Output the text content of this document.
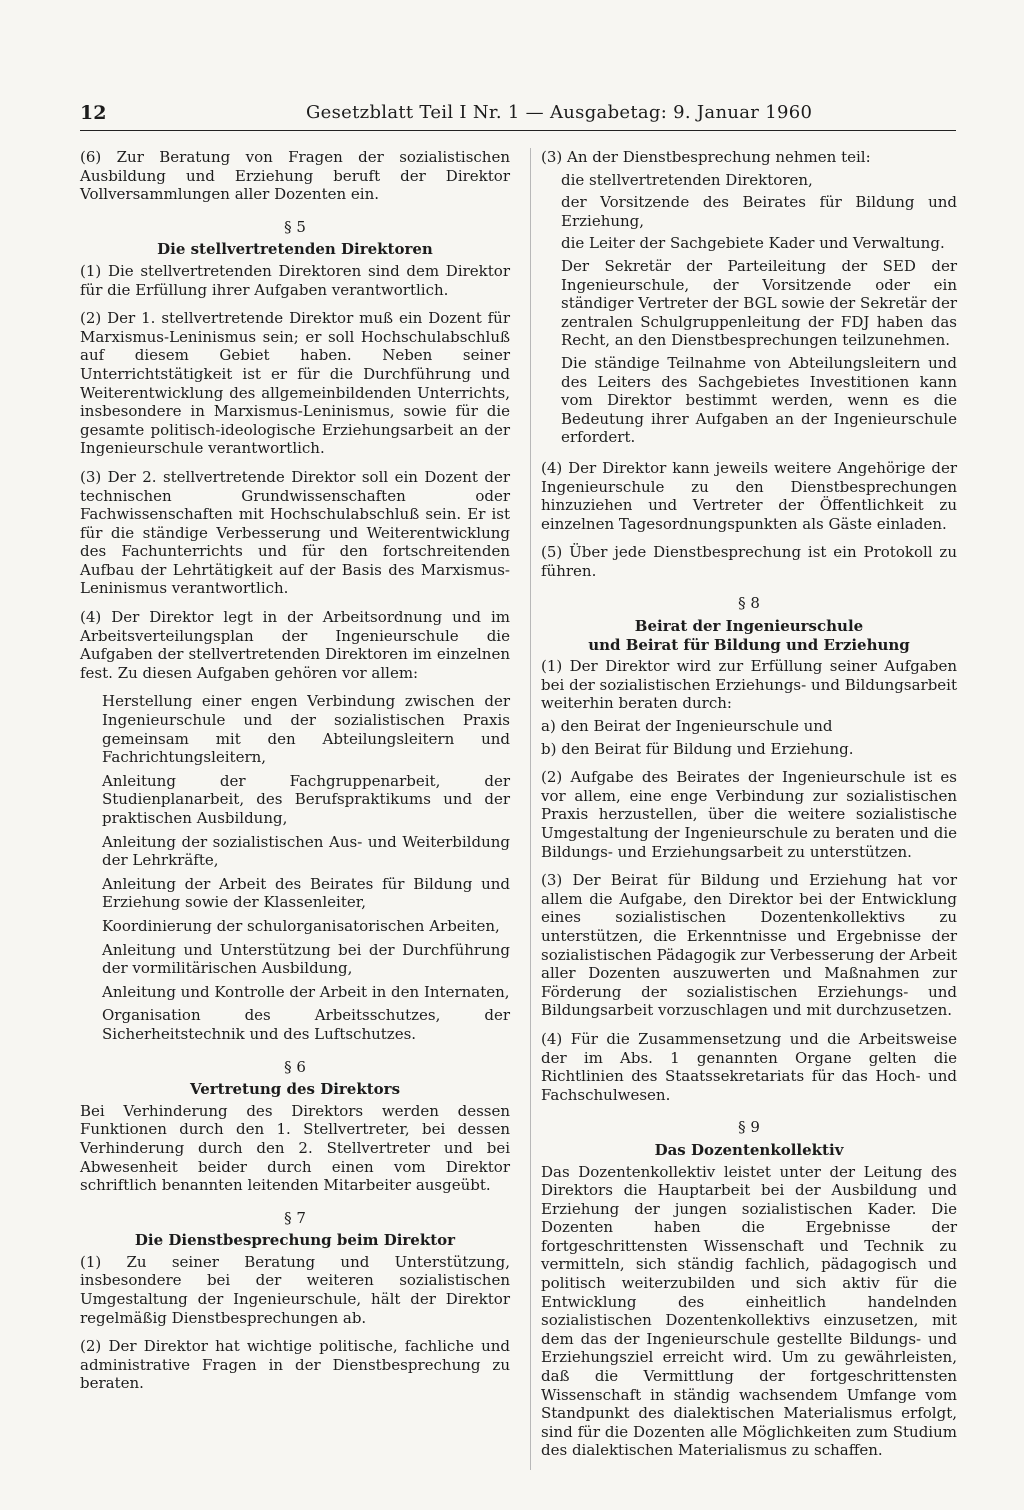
12	Gesetzblatt Teil I Nr. 1 — Ausgabetag: 9. Januar 1960

(6) Zur Beratung von Fragen der sozialistischen Ausbildung und Erziehung beruft der Direktor Vollversammlungen aller Dozenten ein.

§ 5
Die stellvertretenden Direktoren

(1) Die stellvertretenden Direktoren sind dem Direktor für die Erfüllung ihrer Aufgaben verantwortlich.

(2) Der 1. stellvertretende Direktor muß ein Dozent für Marxismus-Leninismus sein; er soll Hochschulabschluß auf diesem Gebiet haben. Neben seiner Unterrichtstätigkeit ist er für die Durchführung und Weiterentwicklung des allgemeinbildenden Unterrichts, insbesondere in Marxismus-Leninismus, sowie für die gesamte politisch-ideologische Erziehungsarbeit an der Ingenieurschule verantwortlich.

(3) Der 2. stellvertretende Direktor soll ein Dozent der technischen Grundwissenschaften oder Fachwissenschaften mit Hochschulabschluß sein. Er ist für die ständige Verbesserung und Weiterentwicklung des Fachunterrichts und für den fortschreitenden Aufbau der Lehrtätigkeit auf der Basis des Marxismus-Leninismus verantwortlich.

(4) Der Direktor legt in der Arbeitsordnung und im Arbeitsverteilungsplan der Ingenieurschule die Aufgaben der stellvertretenden Direktoren im einzelnen fest. Zu diesen Aufgaben gehören vor allem:

Herstellung einer engen Verbindung zwischen der Ingenieurschule und der sozialistischen Praxis gemeinsam mit den Abteilungsleitern und Fachrichtungsleitern,
Anleitung der Fachgruppenarbeit, der Studienplanarbeit, des Berufspraktikums und der praktischen Ausbildung,
Anleitung der sozialistischen Aus- und Weiterbildung der Lehrkräfte,
Anleitung der Arbeit des Beirates für Bildung und Erziehung sowie der Klassenleiter,
Koordinierung der schulorganisatorischen Arbeiten,
Anleitung und Unterstützung bei der Durchführung der vormilitärischen Ausbildung,
Anleitung und Kontrolle der Arbeit in den Internaten,
Organisation des Arbeitsschutzes, der Sicherheitstechnik und des Luftschutzes.
§ 6
Vertretung des Direktors

Bei Verhinderung des Direktors werden dessen Funktionen durch den 1. Stellvertreter, bei dessen Verhinderung durch den 2. Stellvertreter und bei Abwesenheit beider durch einen vom Direktor schriftlich benannten leitenden Mitarbeiter ausgeübt.

§ 7
Die Dienstbesprechung beim Direktor

(1) Zu seiner Beratung und Unterstützung, insbesondere bei der weiteren sozialistischen Umgestaltung der Ingenieurschule, hält der Direktor regelmäßig Dienstbesprechungen ab.

(2) Der Direktor hat wichtige politische, fachliche und administrative Fragen in der Dienstbesprechung zu beraten.

(3) An der Dienstbesprechung nehmen teil:

die stellvertretenden Direktoren,
der Vorsitzende des Beirates für Bildung und Erziehung,
die Leiter der Sachgebiete Kader und Verwaltung.
Der Sekretär der Parteileitung der SED der Ingenieurschule, der Vorsitzende oder ein ständiger Vertreter der BGL sowie der Sekretär der zentralen Schulgruppenleitung der FDJ haben das Recht, an den Dienstbesprechungen teilzunehmen.
Die ständige Teilnahme von Abteilungsleitern und des Leiters des Sachgebietes Investitionen kann vom Direktor bestimmt werden, wenn es die Bedeutung ihrer Aufgaben an der Ingenieurschule erfordert.

(4) Der Direktor kann jeweils weitere Angehörige der Ingenieurschule zu den Dienstbesprechungen hinzuziehen und Vertreter der Öffentlichkeit zu einzelnen Tagesordnungspunkten als Gäste einladen.

(5) Über jede Dienstbesprechung ist ein Protokoll zu führen.

§ 8
Beirat der Ingenieurschule
und Beirat für Bildung und Erziehung

(1) Der Direktor wird zur Erfüllung seiner Aufgaben bei der sozialistischen Erziehungs- und Bildungsarbeit weiterhin beraten durch:

a) den Beirat der Ingenieurschule und
b) den Beirat für Bildung und Erziehung.

(2) Aufgabe des Beirates der Ingenieurschule ist es vor allem, eine enge Verbindung zur sozialistischen Praxis herzustellen, über die weitere sozialistische Umgestaltung der Ingenieurschule zu beraten und die Bildungs- und Erziehungsarbeit zu unterstützen.

(3) Der Beirat für Bildung und Erziehung hat vor allem die Aufgabe, den Direktor bei der Entwicklung eines sozialistischen Dozentenkollektivs zu unterstützen, die Erkenntnisse und Ergebnisse der sozialistischen Pädagogik zur Verbesserung der Arbeit aller Dozenten auszuwerten und Maßnahmen zur Förderung der sozialistischen Erziehungs- und Bildungsarbeit vorzuschlagen und mit durchzusetzen.

(4) Für die Zusammensetzung und die Arbeitsweise der im Abs. 1 genannten Organe gelten die Richtlinien des Staatssekretariats für das Hoch- und Fachschulwesen.

§ 9
Das Dozentenkollektiv

Das Dozentenkollektiv leistet unter der Leitung des Direktors die Hauptarbeit bei der Ausbildung und Erziehung der jungen sozialistischen Kader. Die Dozenten haben die Ergebnisse der fortgeschrittensten Wissenschaft und Technik zu vermitteln, sich ständig fachlich, pädagogisch und politisch weiterzubilden und sich aktiv für die Entwicklung des einheitlich handelnden sozialistischen Dozentenkollektivs einzusetzen, mit dem das der Ingenieurschule gestellte Bildungs- und Erziehungsziel erreicht wird. Um zu gewährleisten, daß die Vermittlung der fortgeschrittensten Wissenschaft in ständig wachsendem Umfange vom Standpunkt des dialektischen Materialismus erfolgt, sind für die Dozenten alle Möglichkeiten zum Studium des dialektischen Materialismus zu schaffen.
